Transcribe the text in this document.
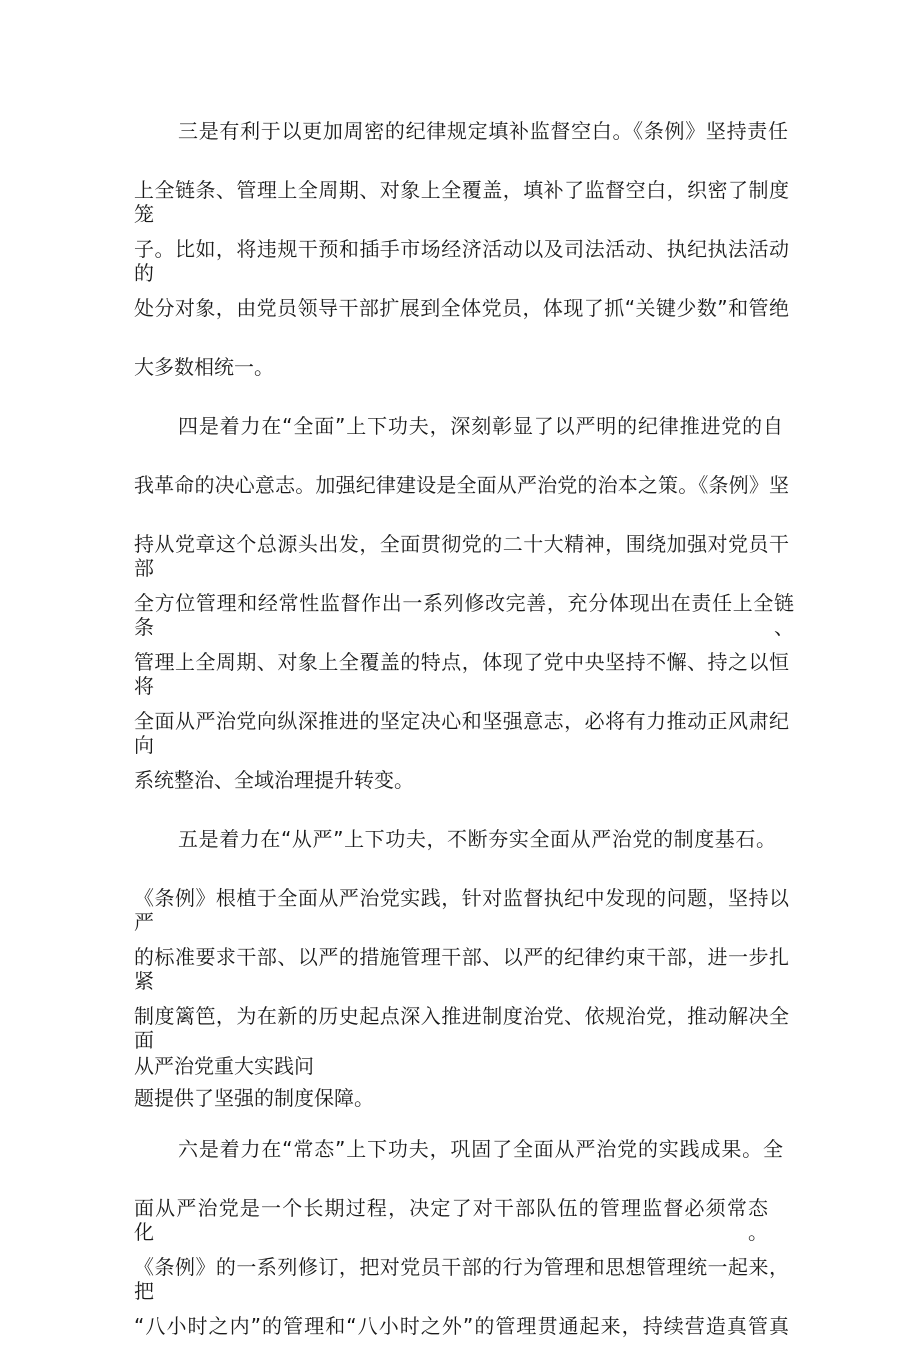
三是有利于以更加周密的纪律规定填补监督空白。《条例》坚持责任
上全链条、管理上全周期、对象上全覆盖，填补了监督空白，织密了制度笼
子。比如，将违规干预和插手市场经济活动以及司法活动、执纪执法活动的
处分对象，由党员领导干部扩展到全体党员，体现了抓“关键少数”和管绝
大多数相统一。
四是着力在“全面”上下功夫，深刻彰显了以严明的纪律推进党的自
我革命的决心意志。加强纪律建设是全面从严治党的治本之策。《条例》坚
持从党章这个总源头出发，全面贯彻党的二十大精神，围绕加强对党员干部
全方位管理和经常性监督作出一系列修改完善，充分体现出在责任上全链条、
管理上全周期、对象上全覆盖的特点，体现了党中央坚持不懈、持之以恒将
全面从严治党向纵深推进的坚定决心和坚强意志，必将有力推动正风肃纪向
系统整治、全域治理提升转变。
五是着力在“从严”上下功夫，不断夯实全面从严治党的制度基石。
《条例》根植于全面从严治党实践，针对监督执纪中发现的问题，坚持以严
的标准要求干部、以严的措施管理干部、以严的纪律约束干部，进一步扎紧
制度篱笆，为在新的历史起点深入推进制度治党、依规治党，推动解决全面
从严治党重大实践问
题提供了坚强的制度保障。
六是着力在“常态”上下功夫，巩固了全面从严治党的实践成果。全
面从严治党是一个长期过程，决定了对干部队伍的管理监督必须常态化。
《条例》的一系列修订，把对党员干部的行为管理和思想管理统一起来，把
“八小时之内”的管理和“八小时之外”的管理贯通起来，持续营造真管真
